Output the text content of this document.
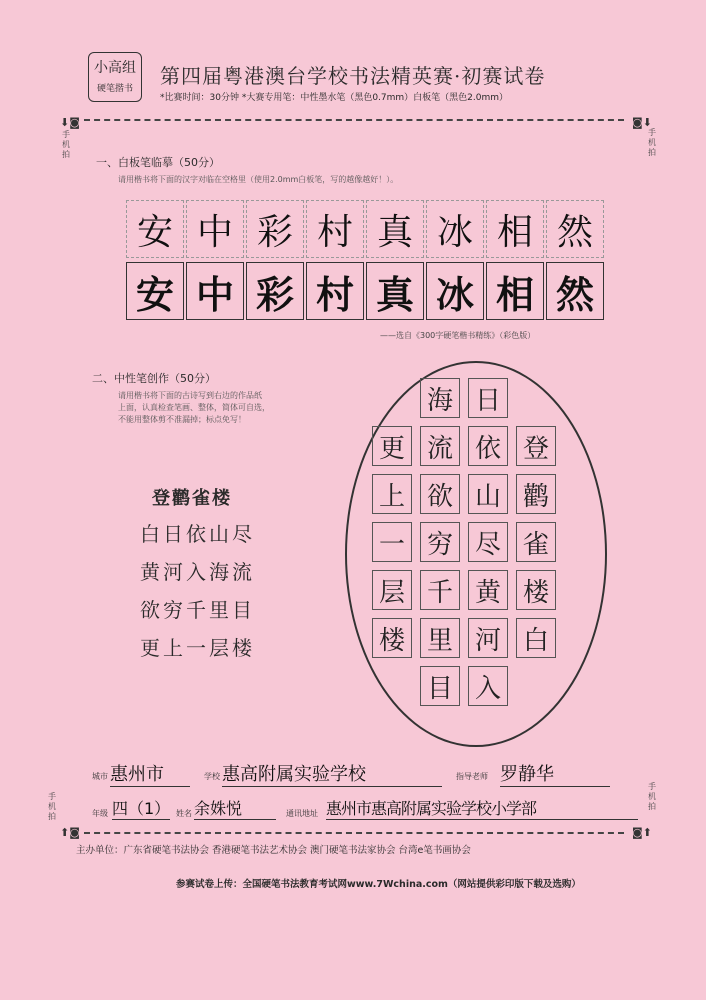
小高组
硬笔揩书
第四届粤港澳台学校书法精英赛·初赛试卷
*比赛时间：30分钟 *大赛专用笔：中性墨水笔（黑色0.7mm）白板笔（黑色2.0mm）
⬇◙	◙⬇
手机拍
手机拍
一、白板笔临摹（50分）
请用楷书将下面的汉字对临在空格里（使用2.0mm白板笔，写的越像越好！）。
安 中 彩 村 真 冰 相 然
安 中 彩 村 真 冰 相 然
——选自《300字硬笔楷书精练》（彩色版）
二、中性笔创作（50分）
请用楷书将下面的古诗写到右边的作品纸
上面，认真检查笔画、整体，简体可自选，
不能用整体剪不准漏掉；标点免写！
登鹳雀楼
白日依山尽
黄河入海流
欲穷千里目
更上一层楼
登
鹳
雀
楼
白
日
依
山
尽
黄
河
入
海
流
欲
穷
千
里
目
更
上
一
层
楼
城市 惠州市	学校 惠高附属实验学校	指导老师 罗静华
年级 四（1） 姓名 余姝悦	通讯地址 惠州市惠高附属实验学校小学部
手机拍
手机拍
⬆◙	◙⬆
主办单位：广东省硬笔书法协会 香港硬笔书法艺术协会 澳门硬笔书法家协会 台湾e笔书画协会
参赛试卷上传：全国硬笔书法教育考试网www.7Wchina.com（网站提供彩印版下载及选购）
